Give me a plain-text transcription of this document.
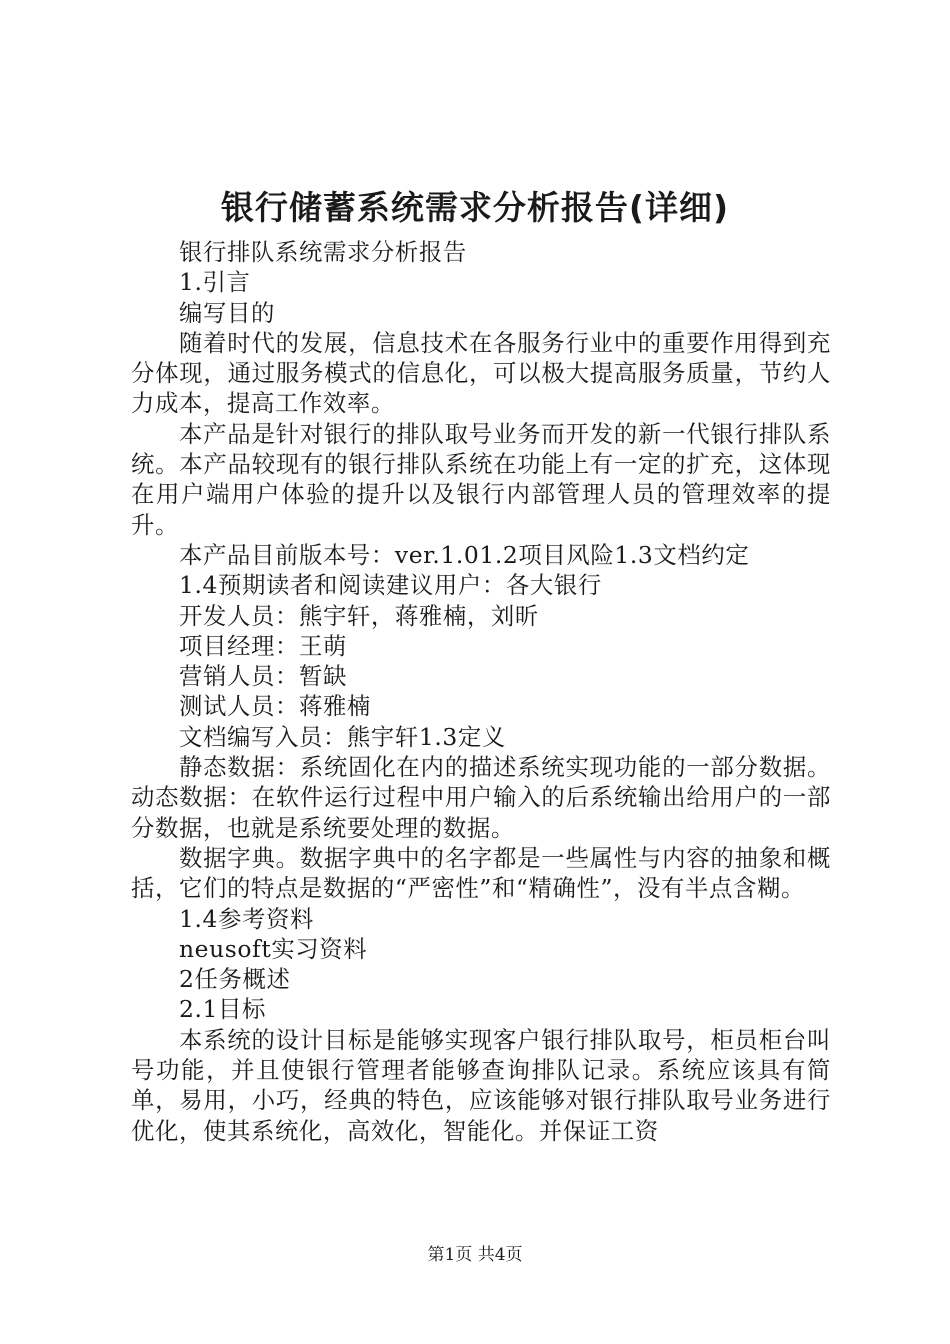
银行储蓄系统需求分析报告(详细)

银行排队系统需求分析报告

1.引言

编写目的

随着时代的发展，信息技术在各服务行业中的重要作用得到充分体现，通过服务模式的信息化，可以极大提高服务质量，节约人力成本，提高工作效率。

本产品是针对银行的排队取号业务而开发的新一代银行排队系统。本产品较现有的银行排队系统在功能上有一定的扩充，这体现在用户端用户体验的提升以及银行内部管理人员的管理效率的提升。

本产品目前版本号：ver.1.01.2项目风险1.3文档约定

1.4预期读者和阅读建议用户：各大银行

开发人员：熊宇轩，蒋雅楠，刘昕

项目经理：王萌

营销人员：暂缺

测试人员：蒋雅楠

文档编写入员：熊宇轩1.3定义

静态数据：系统固化在内的描述系统实现功能的一部分数据。动态数据：在软件运行过程中用户输入的后系统输出给用户的一部分数据，也就是系统要处理的数据。

数据字典。数据字典中的名字都是一些属性与内容的抽象和概括，它们的特点是数据的“严密性”和“精确性”，没有半点含糊。

1.4参考资料

neusoft实习资料

2任务概述

2.1目标

本系统的设计目标是能够实现客户银行排队取号，柜员柜台叫号功能，并且使银行管理者能够查询排队记录。系统应该具有简单，易用，小巧，经典的特色，应该能够对银行排队取号业务进行优化，使其系统化，高效化，智能化。并保证工资

第1页 共4页
